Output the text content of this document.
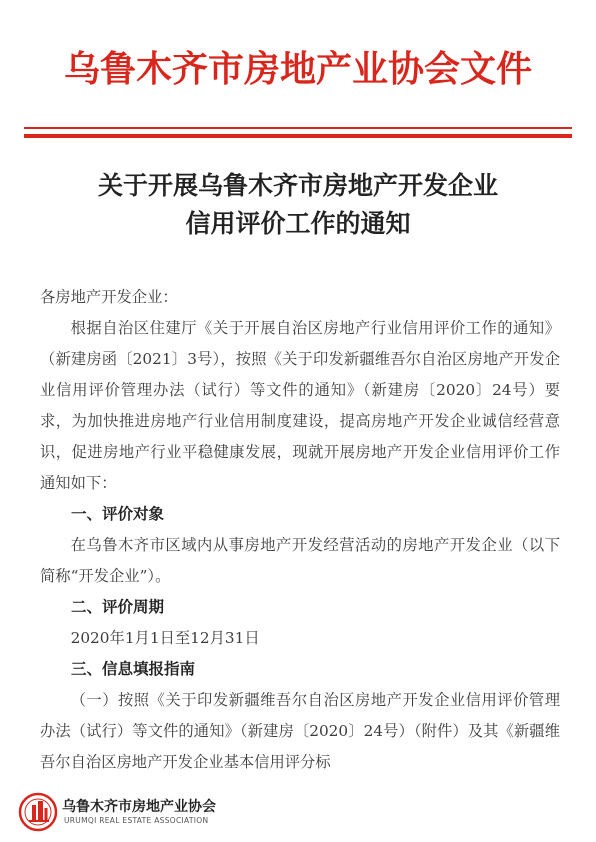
乌鲁木齐市房地产业协会文件
关于开展乌鲁木齐市房地产开发企业
信用评价工作的通知

各房地产开发企业：

根据自治区住建厅《关于开展自治区房地产行业信用评价工作的通知》（新建房函〔2021〕3号），按照《关于印发新疆维吾尔自治区房地产开发企业信用评价管理办法（试行）等文件的通知》（新建房〔2020〕24号）要求，为加快推进房地产行业信用制度建设，提高房地产开发企业诚信经营意识，促进房地产行业平稳健康发展，现就开展房地产开发企业信用评价工作通知如下：

一、评价对象

在乌鲁木齐市区域内从事房地产开发经营活动的房地产开发企业（以下简称“开发企业”）。

二、评价周期

2020年1月1日至12月31日

三、信息填报指南

（一）按照《关于印发新疆维吾尔自治区房地产开发企业信用评价管理办法（试行）等文件的通知》（新建房〔2020〕24号）（附件）及其《新疆维吾尔自治区房地产开发企业基本信用评分标

乌鲁木齐市房地产业协会
URUMQI REAL ESTATE ASSOCIATION
